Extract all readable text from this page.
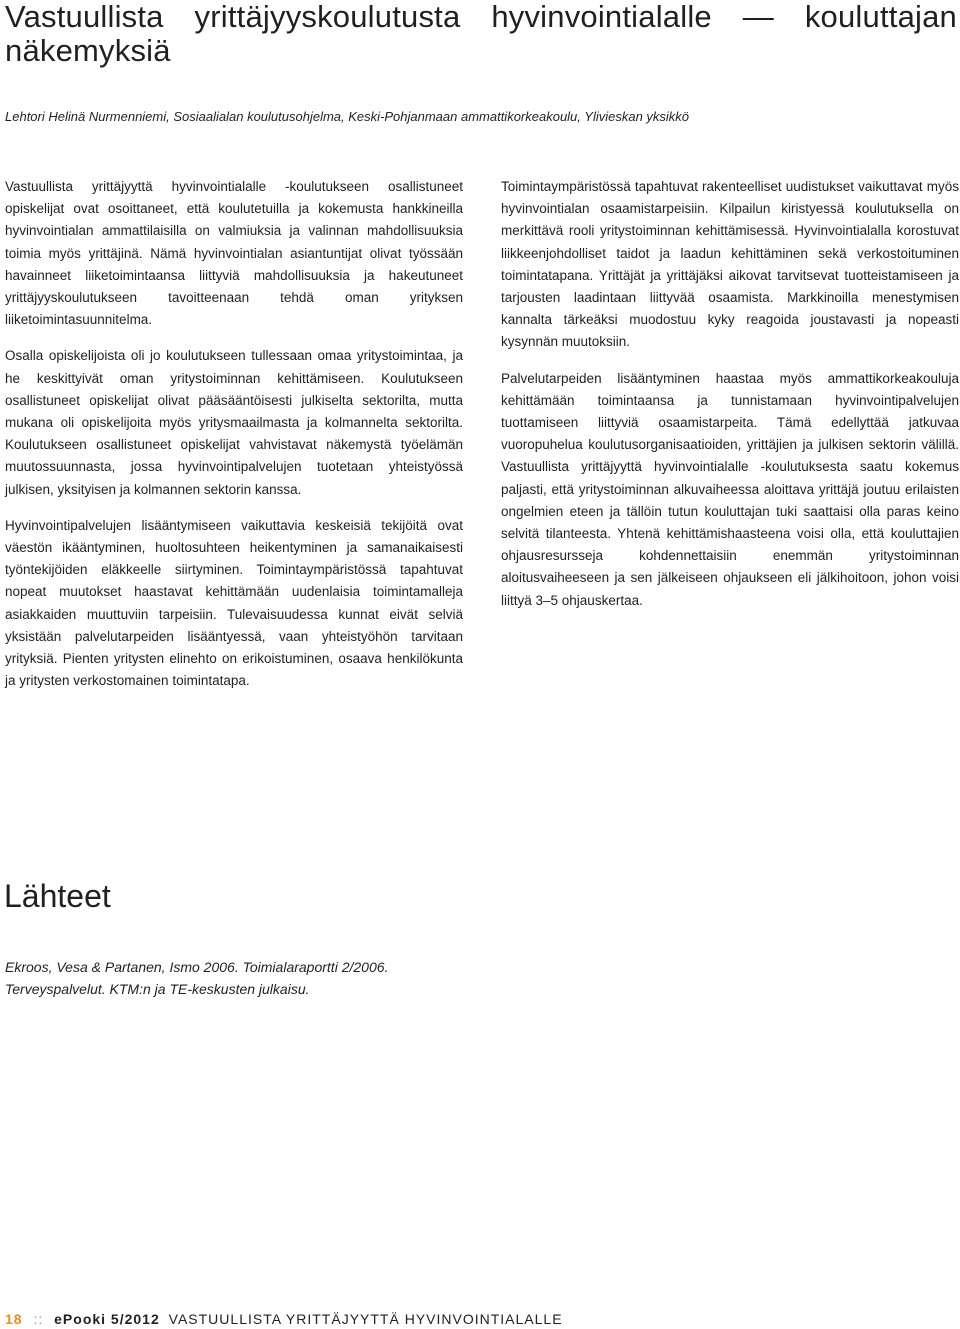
Vastuullista yrittäjyyskoulutusta hyvinvointialalle — kouluttajan näkemyksiä

Lehtori Helinä Nurmenniemi, Sosiaalialan koulutusohjelma, Keski-Pohjanmaan ammattikorkeakoulu, Ylivieskan yksikkö

Vastuullista yrittäjyyttä hyvinvointialalle -koulutukseen osallistuneet opiskelijat ovat osoittaneet, että koulutetuilla ja kokemusta hankkineilla hyvinvointialan ammattilaisilla on valmiuksia ja valinnan mahdollisuuksia toimia myös yrittäjinä. Nämä hyvinvointialan asiantuntijat olivat työssään havainneet liiketoimintaansa liittyviä mahdollisuuksia ja hakeutuneet yrittäjyyskoulutukseen tavoitteenaan tehdä oman yrityksen liiketoimintasuunnitelma.

Osalla opiskelijoista oli jo koulutukseen tullessaan omaa yritystoimintaa, ja he keskittyivät oman yritystoiminnan kehittämiseen. Koulutukseen osallistuneet opiskelijat olivat pääsääntöisesti julkiselta sektorilta, mutta mukana oli opiskelijoita myös yritysmaailmasta ja kolmannelta sektorilta. Koulutukseen osallistuneet opiskelijat vahvistavat näkemystä työelämän muutossuunnasta, jossa hyvinvointipalvelujen tuotetaan yhteistyössä julkisen, yksityisen ja kolmannen sektorin kanssa.

Hyvinvointipalvelujen lisääntymiseen vaikuttavia keskeisiä tekijöitä ovat väestön ikääntyminen, huoltosuhteen heikentyminen ja samanaikaisesti työntekijöiden eläkkeelle siirtyminen. Toimintaympäristössä tapahtuvat nopeat muutokset haastavat kehittämään uudenlaisia toimintamalleja asiakkaiden muuttuviin tarpeisiin. Tulevaisuudessa kunnat eivät selviä yksistään palvelutarpeiden lisääntyessä, vaan yhteistyöhön tarvitaan yrityksiä. Pienten yritysten elinehto on erikoistuminen, osaava henkilökunta ja yritysten verkostomainen toimintatapa.

Toimintaympäristössä tapahtuvat rakenteelliset uudistukset vaikuttavat myös hyvinvointialan osaamistarpeisiin. Kilpailun kiristyessä koulutuksella on merkittävä rooli yritystoiminnan kehittämisessä. Hyvinvointialalla korostuvat liikkeenjohdolliset taidot ja laadun kehittäminen sekä verkostoituminen toimintatapana. Yrittäjät ja yrittäjäksi aikovat tarvitsevat tuotteistamiseen ja tarjousten laadintaan liittyvää osaamista. Markkinoilla menestymisen kannalta tärkeäksi muodostuu kyky reagoida joustavasti ja nopeasti kysynnän muutoksiin.

Palvelutarpeiden lisääntyminen haastaa myös ammattikorkeakouluja kehittämään toimintaansa ja tunnistamaan hyvinvointipalvelujen tuottamiseen liittyviä osaamistarpeita. Tämä edellyttää jatkuvaa vuoropuhelua koulutusorganisaatioiden, yrittäjien ja julkisen sektorin välillä. Vastuullista yrittäjyyttä hyvinvointialalle -koulutuksesta saatu kokemus paljasti, että yritystoiminnan alkuvaiheessa aloittava yrittäjä joutuu erilaisten ongelmien eteen ja tällöin tutun kouluttajan tuki saattaisi olla paras keino selvitä tilanteesta. Yhtenä kehittämishaasteena voisi olla, että kouluttajien ohjausresursseja kohdennettaisiin enemmän yritystoiminnan aloitusvaiheeseen ja sen jälkeiseen ohjaukseen eli jälkihoitoon, johon voisi liittyä 3–5 ohjauskertaa.

Lähteet

Ekroos, Vesa & Partanen, Ismo 2006. Toimialaraportti 2/2006. Terveyspalvelut. KTM:n ja TE-keskusten julkaisu.

18 :: ePooki 5/2012 VASTUULLISTA YRITTÄJYYTTÄ HYVINVOINTIALALLE
